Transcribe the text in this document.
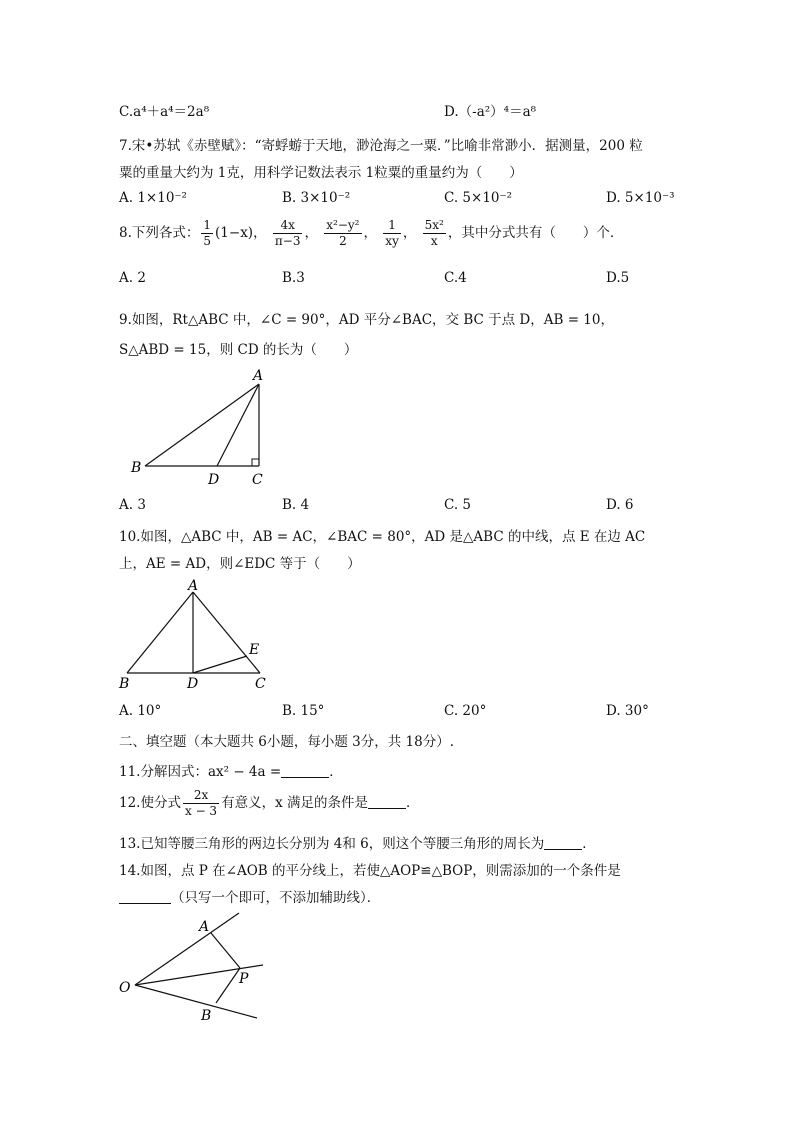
C.a⁴＋a⁴＝2a⁸	D.（-a²）⁴＝a⁸
7.宋•苏轼《赤壁赋》：“寄蜉蝣于天地，渺沧海之一粟．”比喻非常渺小．据测量，200 粒
粟的重量大约为 1克，用科学记数法表示 1粒粟的重量约为（　　）
A. 1×10⁻²	B. 3×10⁻²	C. 5×10⁻²	D. 5×10⁻³
8.下列各式： $\frac{1}{5} (1-x)$， $\frac{4x}{\pi-3}$ ， $\frac{\text{x²−y²}}{2}$ ， $\frac{1}{xy}$ ， $\frac{\text{5x²}}{x}$ ，其中分式共有（　　）个．
A. 2	B.3	C.4	D.5
9.如图，Rt△ABC 中，∠C = 90°，AD 平分∠BAC，交 BC 于点 D，AB = 10，
S△ABD = 15，则 CD 的长为（　　）
A
B
D C
A. 3	B. 4	C. 5	D. 6
10.如图，△ABC 中，AB = AC，∠BAC = 80°，AD 是△ABC 的中线，点 E 在边 AC
上，AE = AD，则∠EDC 等于（　　）
A
B	D	C
E
A. 10°	B. 15°	C. 20°	D. 30°
二、填空题（本大题共 6小题，每小题 3分，共 18分）.
11.分解因式：ax² − 4a =	．
12.使分式 $\frac{2x}{x - 3}$ 有意义，x 满足的条件是	．
13.已知等腰三角形的两边长分别为 4和 6，则这个等腰三角形的周长为	．
14.如图，点 P 在∠AOB 的平分线上，若使△AOP≌△BOP，则需添加的一个条件是
（只写一个即可，不添加辅助线）．
A
O
P
B
